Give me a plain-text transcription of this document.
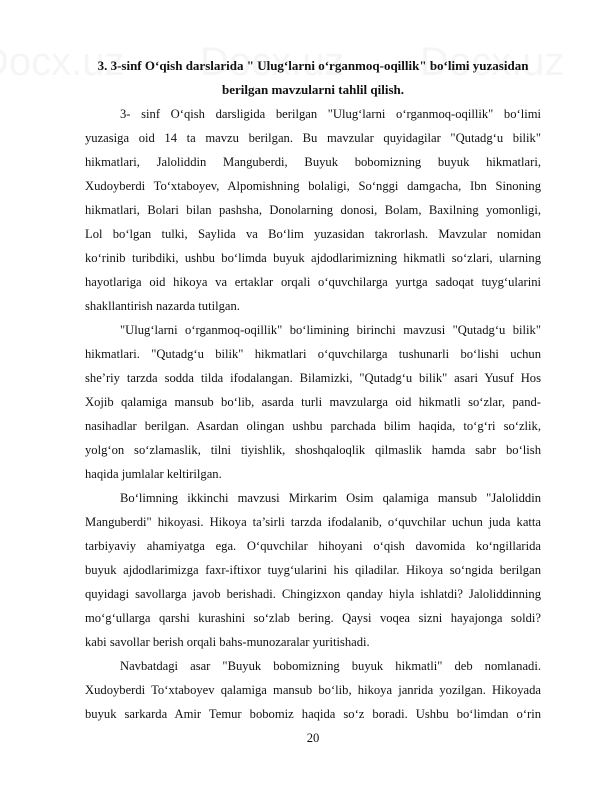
3. 3-sinf O‘qish darslarida " Ulug‘larni o‘rganmoq-oqillik" bo‘limi yuzasidan
berilgan mavzularni tahlil qilish.
3- sinf O‘qish darsligida berilgan "Ulug‘larni o‘rganmoq-oqillik" bo‘limi
yuzasiga oid 14 ta mavzu berilgan. Bu mavzular quyidagilar "Qutadg‘u bilik"
hikmatlari, Jaloliddin Manguberdi, Buyuk bobomizning buyuk hikmatlari,
Xudoyberdi To‘xtaboyev, Alpomishning bolaligi, So‘nggi damgacha, Ibn Sinoning
hikmatlari, Bolari bilan pashsha, Donolarning donosi, Bolam, Baxilning yomonligi,
Lol bo‘lgan tulki, Saylida va Bo‘lim yuzasidan takrorlash. Mavzular nomidan
ko‘rinib turibdiki, ushbu bo‘limda buyuk ajdodlarimizning hikmatli so‘zlari, ularning
hayotlariga oid hikoya va ertaklar orqali o‘quvchilarga yurtga sadoqat tuyg‘ularini
shakllantirish nazarda tutilgan.
"Ulug‘larni o‘rganmoq-oqillik" bo‘limining birinchi mavzusi "Qutadg‘u bilik"
hikmatlari. "Qutadg‘u bilik" hikmatlari o‘quvchilarga tushunarli bo‘lishi uchun
she’riy tarzda sodda tilda ifodalangan. Bilamizki, "Qutadg‘u bilik" asari Yusuf Hos
Xojib qalamiga mansub bo‘lib, asarda turli mavzularga oid hikmatli so‘zlar, pand-
nasihadlar berilgan. Asardan olingan ushbu parchada bilim haqida, to‘g‘ri so‘zlik,
yolg‘on so‘zlamaslik, tilni tiyishlik, shoshqaloqlik qilmaslik hamda sabr bo‘lish
haqida jumlalar keltirilgan.
Bo‘limning ikkinchi mavzusi Mirkarim Osim qalamiga mansub "Jaloliddin
Manguberdi" hikoyasi. Hikoya ta’sirli tarzda ifodalanib, o‘quvchilar uchun juda katta
tarbiyaviy ahamiyatga ega. O‘quvchilar hihoyani o‘qish davomida ko‘ngillarida
buyuk ajdodlarimizga faxr-iftixor tuyg‘ularini his qiladilar. Hikoya so‘ngida berilgan
quyidagi savollarga javob berishadi. Chingizxon qanday hiyla ishlatdi? Jaloliddinning
mo‘g‘ullarga qarshi kurashini so‘zlab bering. Qaysi voqea sizni hayajonga soldi?
kabi savollar berish orqali bahs-munozaralar yuritishadi.
Navbatdagi asar "Buyuk bobomizning buyuk hikmatli" deb nomlanadi.
Xudoyberdi To‘xtaboyev qalamiga mansub bo‘lib, hikoya janrida yozilgan. Hikoyada
buyuk sarkarda Amir Temur bobomiz haqida so‘z boradi. Ushbu bo‘limdan o‘rin
20
